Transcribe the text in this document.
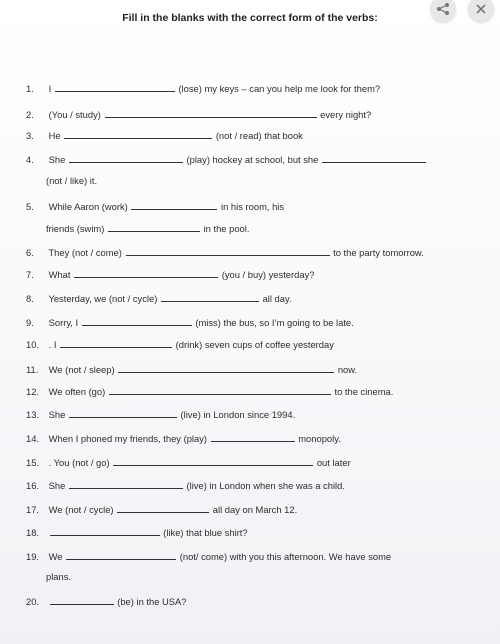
Fill in the blanks with the correct form of the verbs:
1. I	(lose) my keys – can you help me look for them?
2. (You / study)	every night?
3. He	(not / read) that book
4. She	(play) hockey at school, but she
(not / like) it.
5. While Aaron (work)	in his room, his
friends (swim)	in the pool.
6. They (not / come)	to the party tomorrow.
7. What	(you / buy) yesterday?
8. Yesterday, we (not / cycle)	all day.
9. Sorry, I	(miss) the bus, so I’m going to be late.
10. . I	(drink) seven cups of coffee yesterday
11. We (not / sleep)	now.
12. We often (go)	to the cinema.
13. She	(live) in London since 1994.
14. When I phoned my friends, they (play)	monopoly.
15. . You (not / go)	out later
16. She	(live) in London when she was a child.
17. We (not / cycle)	all day on March 12.
18.	(like) that blue shirt?
19. We	(not/ come) with you this afternoon. We have some
plans.
20.	(be) in the USA?
